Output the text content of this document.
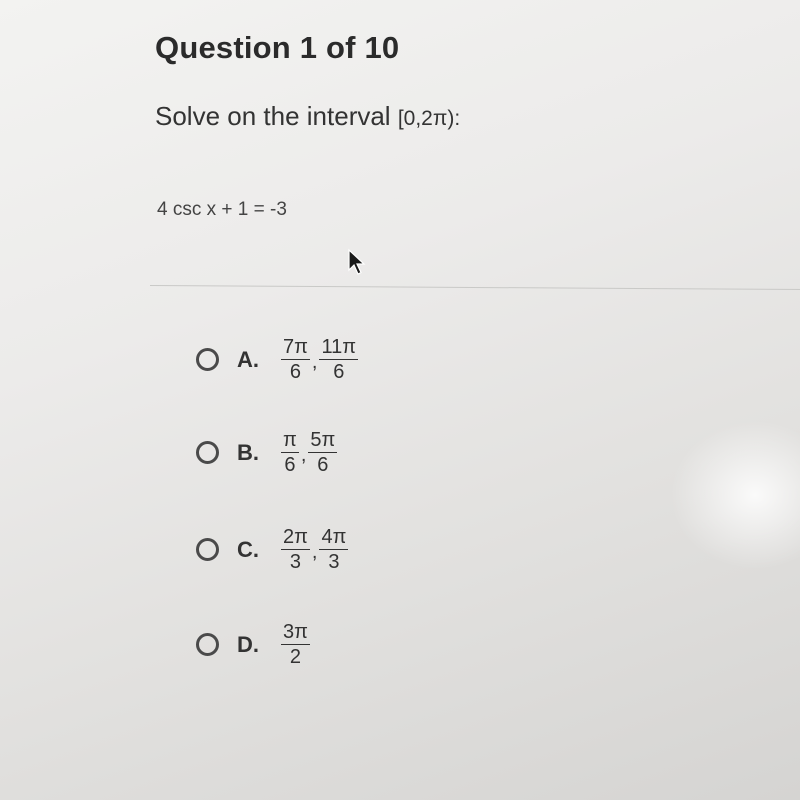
Question 1 of 10
Solve on the interval [0,2π):
4 csc x + 1 = -3
A. $\frac{7\pi}{6}$ , $\frac{11\pi}{6}$
B. $\frac{\pi}{6}$ , $\frac{5\pi}{6}$
C. $\frac{2\pi}{3}$ , $\frac{4\pi}{3}$
D. $\frac{3\pi}{2}$
